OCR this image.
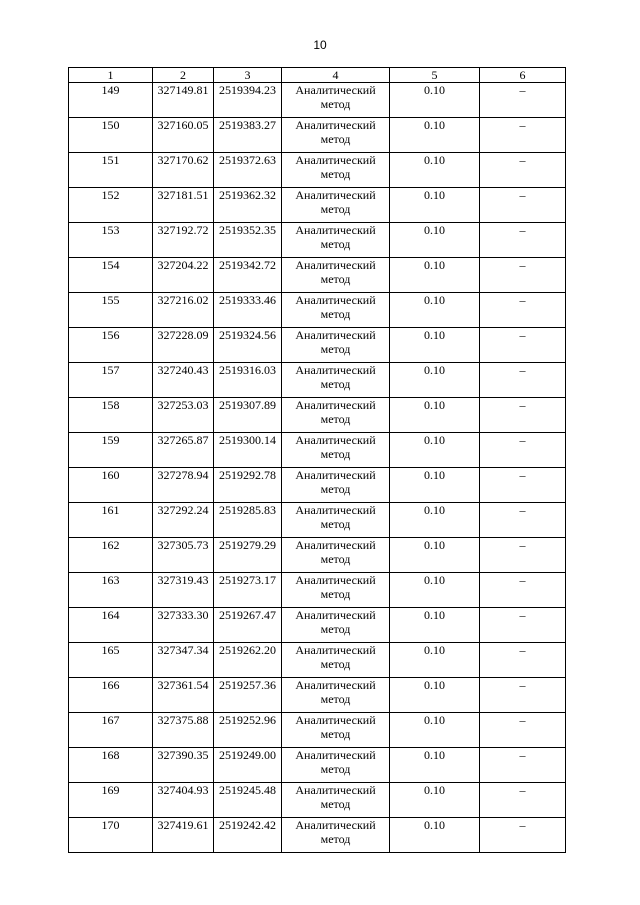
10
1	2	3	4	5	6
149	327149.81	2519394.23	Аналитический
метод	0.10	–
150	327160.05	2519383.27	Аналитический
метод	0.10	–
151	327170.62	2519372.63	Аналитический
метод	0.10	–
152	327181.51	2519362.32	Аналитический
метод	0.10	–
153	327192.72	2519352.35	Аналитический
метод	0.10	–
154	327204.22	2519342.72	Аналитический
метод	0.10	–
155	327216.02	2519333.46	Аналитический
метод	0.10	–
156	327228.09	2519324.56	Аналитический
метод	0.10	–
157	327240.43	2519316.03	Аналитический
метод	0.10	–
158	327253.03	2519307.89	Аналитический
метод	0.10	–
159	327265.87	2519300.14	Аналитический
метод	0.10	–
160	327278.94	2519292.78	Аналитический
метод	0.10	–
161	327292.24	2519285.83	Аналитический
метод	0.10	–
162	327305.73	2519279.29	Аналитический
метод	0.10	–
163	327319.43	2519273.17	Аналитический
метод	0.10	–
164	327333.30	2519267.47	Аналитический
метод	0.10	–
165	327347.34	2519262.20	Аналитический
метод	0.10	–
166	327361.54	2519257.36	Аналитический
метод	0.10	–
167	327375.88	2519252.96	Аналитический
метод	0.10	–
168	327390.35	2519249.00	Аналитический
метод	0.10	–
169	327404.93	2519245.48	Аналитический
метод	0.10	–
170	327419.61	2519242.42	Аналитический
метод	0.10	–
